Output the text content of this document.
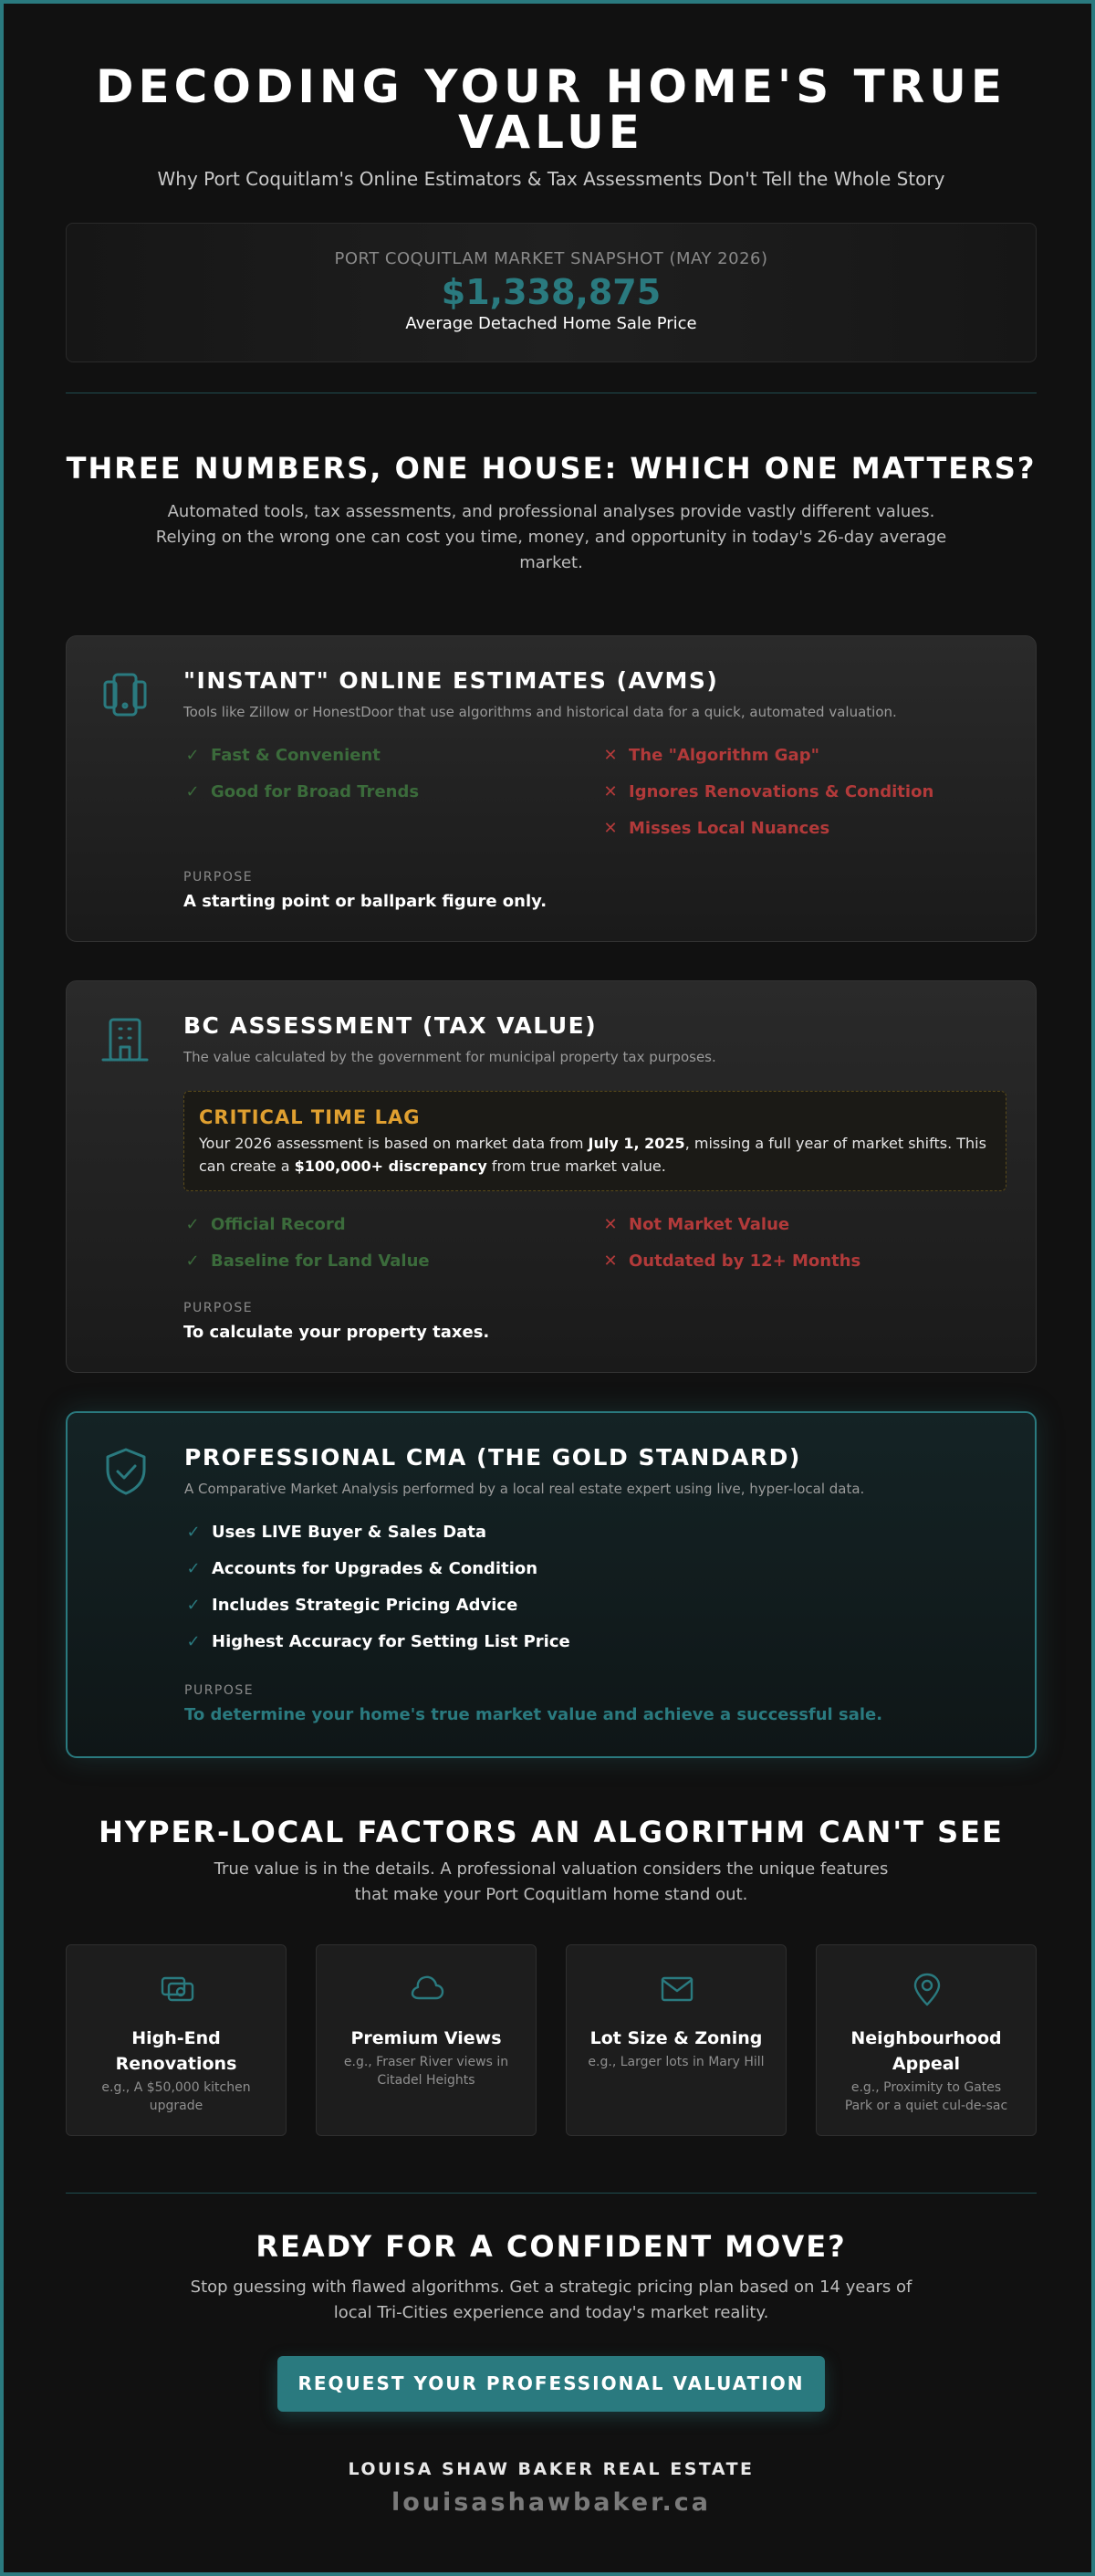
DECODING YOUR HOME'S TRUE VALUE

Why Port Coquitlam's Online Estimators & Tax Assessments Don't Tell the Whole Story

PORT COQUITLAM MARKET SNAPSHOT (MAY 2026)
$1,338,875
Average Detached Home Sale Price
THREE NUMBERS, ONE HOUSE: WHICH ONE MATTERS?

Automated tools, tax assessments, and professional analyses provide vastly different values. Relying on the wrong one can cost you time, money, and opportunity in today's 26-day average market.

"INSTANT" ONLINE ESTIMATES (AVMS)
Tools like Zillow or HonestDoor that use algorithms and historical data for a quick, automated valuation.
✓ Fast & Convenient
✓ Good for Broad Trends
✕ The "Algorithm Gap"
✕ Ignores Renovations & Condition
✕ Misses Local Nuances
PURPOSE
A starting point or ballpark figure only.
BC ASSESSMENT (TAX VALUE)
The value calculated by the government for municipal property tax purposes.
CRITICAL TIME LAG
Your 2026 assessment is based on market data from July 1, 2025, missing a full year of market shifts. This can create a $100,000+ discrepancy from true market value.
✓ Official Record
✓ Baseline for Land Value
✕ Not Market Value
✕ Outdated by 12+ Months
PURPOSE
To calculate your property taxes.
PROFESSIONAL CMA (THE GOLD STANDARD)
A Comparative Market Analysis performed by a local real estate expert using live, hyper-local data.
✓ Uses LIVE Buyer & Sales Data
✓ Accounts for Upgrades & Condition
✓ Includes Strategic Pricing Advice
✓ Highest Accuracy for Setting List Price
PURPOSE
To determine your home's true market value and achieve a successful sale.
HYPER-LOCAL FACTORS AN ALGORITHM CAN'T SEE

True value is in the details. A professional valuation considers the unique features that make your Port Coquitlam home stand out.

High-End Renovations
e.g., A $50,000 kitchen upgrade
Premium Views
e.g., Fraser River views in Citadel Heights
Lot Size & Zoning
e.g., Larger lots in Mary Hill
Neighbourhood Appeal
e.g., Proximity to Gates Park or a quiet cul-de-sac
READY FOR A CONFIDENT MOVE?

Stop guessing with flawed algorithms. Get a strategic pricing plan based on 14 years of local Tri-Cities experience and today's market reality.

REQUEST YOUR PROFESSIONAL VALUATION
LOUISA SHAW BAKER REAL ESTATE
louisashawbaker.ca
